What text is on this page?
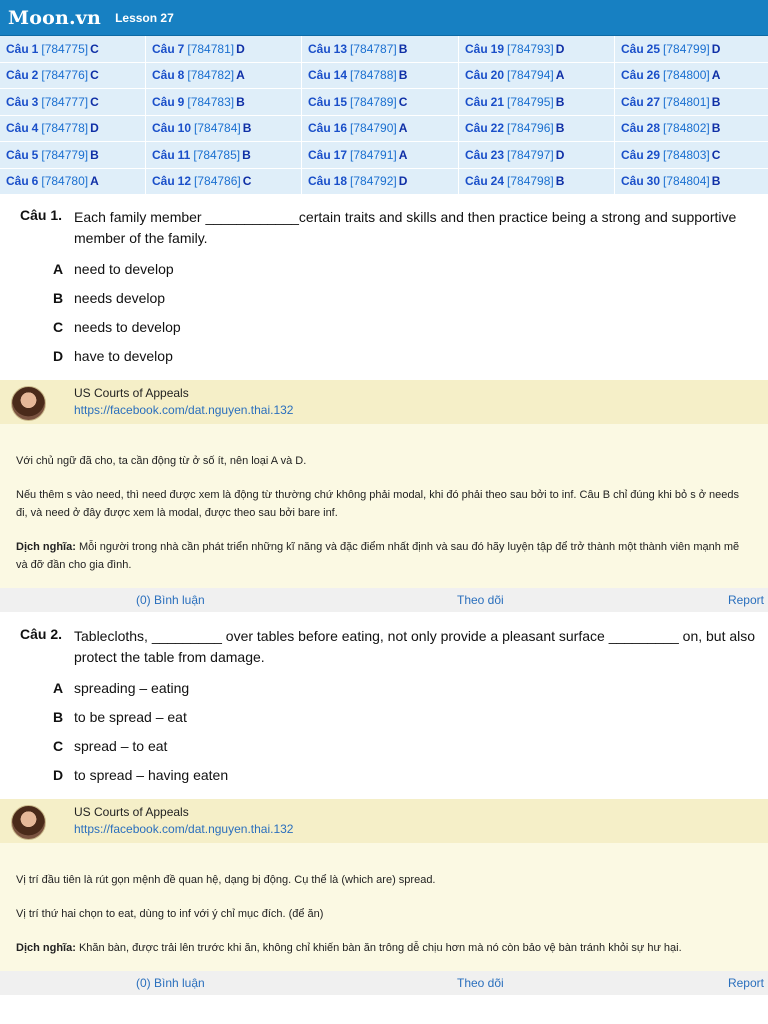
Moon.vn Lesson 27
Câu 1 [784775] C	Câu 7 [784781] D	Câu 13 [784787] B	Câu 19 [784793] D	Câu 25 [784799] D
Câu 2 [784776] C	Câu 8 [784782] A	Câu 14 [784788] B	Câu 20 [784794] A	Câu 26 [784800] A
Câu 3 [784777] C	Câu 9 [784783] B	Câu 15 [784789] C	Câu 21 [784795] B	Câu 27 [784801] B
Câu 4 [784778] D	Câu 10 [784784] B	Câu 16 [784790] A	Câu 22 [784796] B	Câu 28 [784802] B
Câu 5 [784779] B	Câu 11 [784785] B	Câu 17 [784791] A	Câu 23 [784797] D	Câu 29 [784803] C
Câu 6 [784780] A	Câu 12 [784786] C	Câu 18 [784792] D	Câu 24 [784798] B	Câu 30 [784804] B
Câu 1. Each family member ____________certain traits and skills and then practice being a strong and supportive member of the family.
A need to develop
B needs develop
C needs to develop
D have to develop
US Courts of Appeals
https://facebook.com/dat.nguyen.thai.132

Với chủ ngữ đã cho, ta cần động từ ở số ít, nên loại A và D.

Nếu thêm s vào need, thì need được xem là động từ thường chứ không phải modal, khi đó phải theo sau bởi to inf. Câu B chỉ đúng khi bỏ s ở needs đi, và need ở đây được xem là modal, được theo sau bởi bare inf.

Dịch nghĩa: Mỗi người trong nhà cần phát triển những kĩ năng và đặc điểm nhất định và sau đó hãy luyện tập để trở thành một thành viên mạnh mẽ và đỡ đần cho gia đình.

(0) Bình luận	Theo dõi	Report
Câu 2. Tablecloths, _________ over tables before eating, not only provide a pleasant surface _________ on, but also protect the table from damage.
A spreading – eating
B to be spread – eat
C spread – to eat
D to spread – having eaten
US Courts of Appeals
https://facebook.com/dat.nguyen.thai.132

Vị trí đầu tiên là rút gọn mệnh đề quan hệ, dạng bị động. Cụ thể là (which are) spread.

Vị trí thứ hai chọn to eat, dùng to inf với ý chỉ mục đích. (để ăn)

Dịch nghĩa: Khăn bàn, được trải lên trước khi ăn, không chỉ khiến bàn ăn trông dễ chịu hơn mà nó còn bảo vệ bàn tránh khỏi sự hư hại.

(0) Bình luận	Theo dõi	Report
